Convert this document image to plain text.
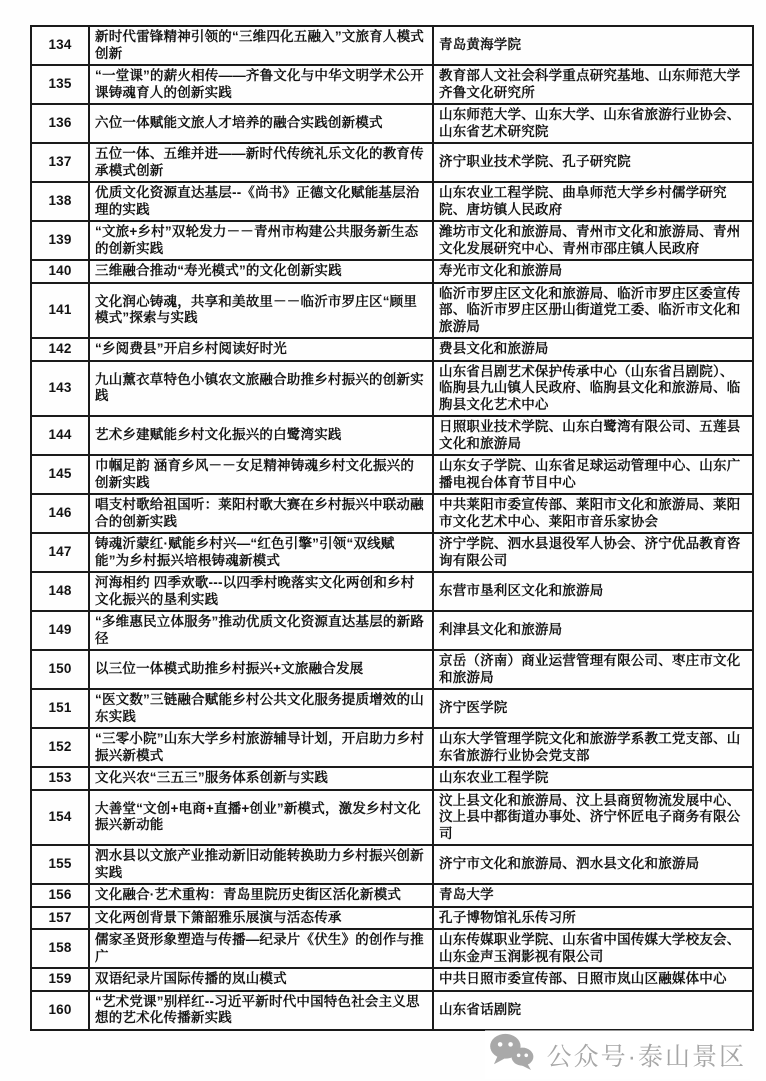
134	新时代雷锋精神引领的“三维四化五融入”文旅育人模式创新	青岛黄海学院
135	“一堂课”的薪火相传——齐鲁文化与中华文明学术公开课铸魂育人的创新实践	教育部人文社会科学重点研究基地、山东师范大学齐鲁文化研究所
136	六位一体赋能文旅人才培养的融合实践创新模式	山东师范大学、山东大学、山东省旅游行业协会、山东省艺术研究院
137	五位一体、五维并进——新时代传统礼乐文化的教育传承模式创新	济宁职业技术学院、孔子研究院
138	优质文化资源直达基层--《尚书》正德文化赋能基层治理的实践	山东农业工程学院、曲阜师范大学乡村儒学研究院、唐坊镇人民政府
139	“文旅+乡村”双轮发力－－青州市构建公共服务新生态的创新实践	潍坊市文化和旅游局、青州市文化和旅游局、青州文化发展研究中心、青州市邵庄镇人民政府
140	三维融合推动“寿光模式”的文化创新实践	寿光市文化和旅游局
141	文化润心铸魂，共享和美故里－－临沂市罗庄区“顾里模式”探索与实践	临沂市罗庄区文化和旅游局、临沂市罗庄区委宣传部、临沂市罗庄区册山街道党工委、临沂市文化和旅游局
142	“乡阅费县”开启乡村阅读好时光	费县文化和旅游局
143	九山薰衣草特色小镇农文旅融合助推乡村振兴的创新实践	山东省吕剧艺术保护传承中心（山东省吕剧院）、临朐县九山镇人民政府、临朐县文化和旅游局、临朐县文化艺术中心
144	艺术乡建赋能乡村文化振兴的白鹭湾实践	日照职业技术学院、山东白鹭湾有限公司、五莲县文化和旅游局
145	巾帼足韵 涵育乡风－－女足精神铸魂乡村文化振兴的创新实践	山东女子学院、山东省足球运动管理中心、山东广播电视台体育节目中心
146	唱支村歌给祖国听：莱阳村歌大赛在乡村振兴中联动融合的创新实践	中共莱阳市委宣传部、莱阳市文化和旅游局、莱阳市文化艺术中心、莱阳市音乐家协会
147	铸魂沂蒙红·赋能乡村兴—“红色引擎”引领“双线赋能”为乡村振兴培根铸魂新模式	济宁学院、泗水县退役军人协会、济宁优品教育咨询有限公司
148	河海相约 四季欢歌---以四季村晚落实文化两创和乡村文化振兴的垦利实践	东营市垦利区文化和旅游局
149	“多维惠民立体服务”推动优质文化资源直达基层的新路径	利津县文化和旅游局
150	以三位一体模式助推乡村振兴+文旅融合发展	京岳（济南）商业运营管理有限公司、枣庄市文化和旅游局
151	“医文数”三链融合赋能乡村公共文化服务提质增效的山东实践	济宁医学院
152	“三零小院”山东大学乡村旅游辅导计划，开启助力乡村振兴新模式	山东大学管理学院文化和旅游学系教工党支部、山东省旅游行业协会党支部
153	文化兴农“三五三”服务体系创新与实践	山东农业工程学院
154	大善堂“文创+电商+直播+创业”新模式，激发乡村文化振兴新动能	汶上县文化和旅游局、汶上县商贸物流发展中心、汶上县中都街道办事处、济宁怀匠电子商务有限公司
155	泗水县以文旅产业推动新旧动能转换助力乡村振兴创新实践	济宁市文化和旅游局、泗水县文化和旅游局
156	文化融合·艺术重构：青岛里院历史街区活化新模式	青岛大学
157	文化两创背景下箫韶雅乐展演与活态传承	孔子博物馆礼乐传习所
158	儒家圣贤形象塑造与传播—纪录片《伏生》的创作与推广	山东传媒职业学院、山东省中国传媒大学校友会、山东金声玉润影视有限公司
159	双语纪录片国际传播的岚山模式	中共日照市委宣传部、日照市岚山区融媒体中心
160	“艺术党课”别样红--习近平新时代中国特色社会主义思想的艺术化传播新实践	山东省话剧院
公众号·泰山景区
